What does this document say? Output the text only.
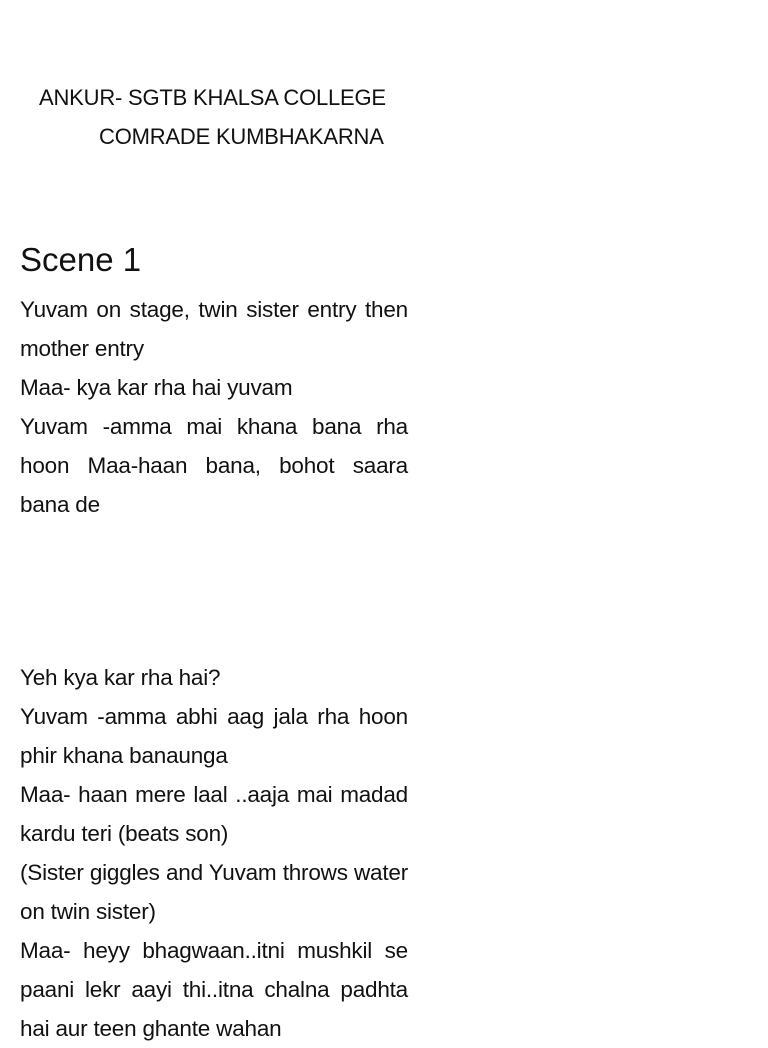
ANKUR- SGTB KHALSA COLLEGE
COMRADE KUMBHAKARNA
Scene 1

Yuvam on stage, twin sister entry then mother entry

Maa- kya kar rha hai yuvam

Yuvam -amma mai khana bana rha hoon Maa-haan bana, bohot saara bana de

Yeh kya kar rha hai?

Yuvam -amma abhi aag jala rha hoon phir khana banaunga

Maa- haan mere laal ..aaja mai madad kardu teri (beats son)

(Sister giggles and Yuvam throws water on twin sister)

Maa- heyy bhagwaan..itni mushkil se paani lekr aayi thi..itna chalna padhta hai aur teen ghante wahan
